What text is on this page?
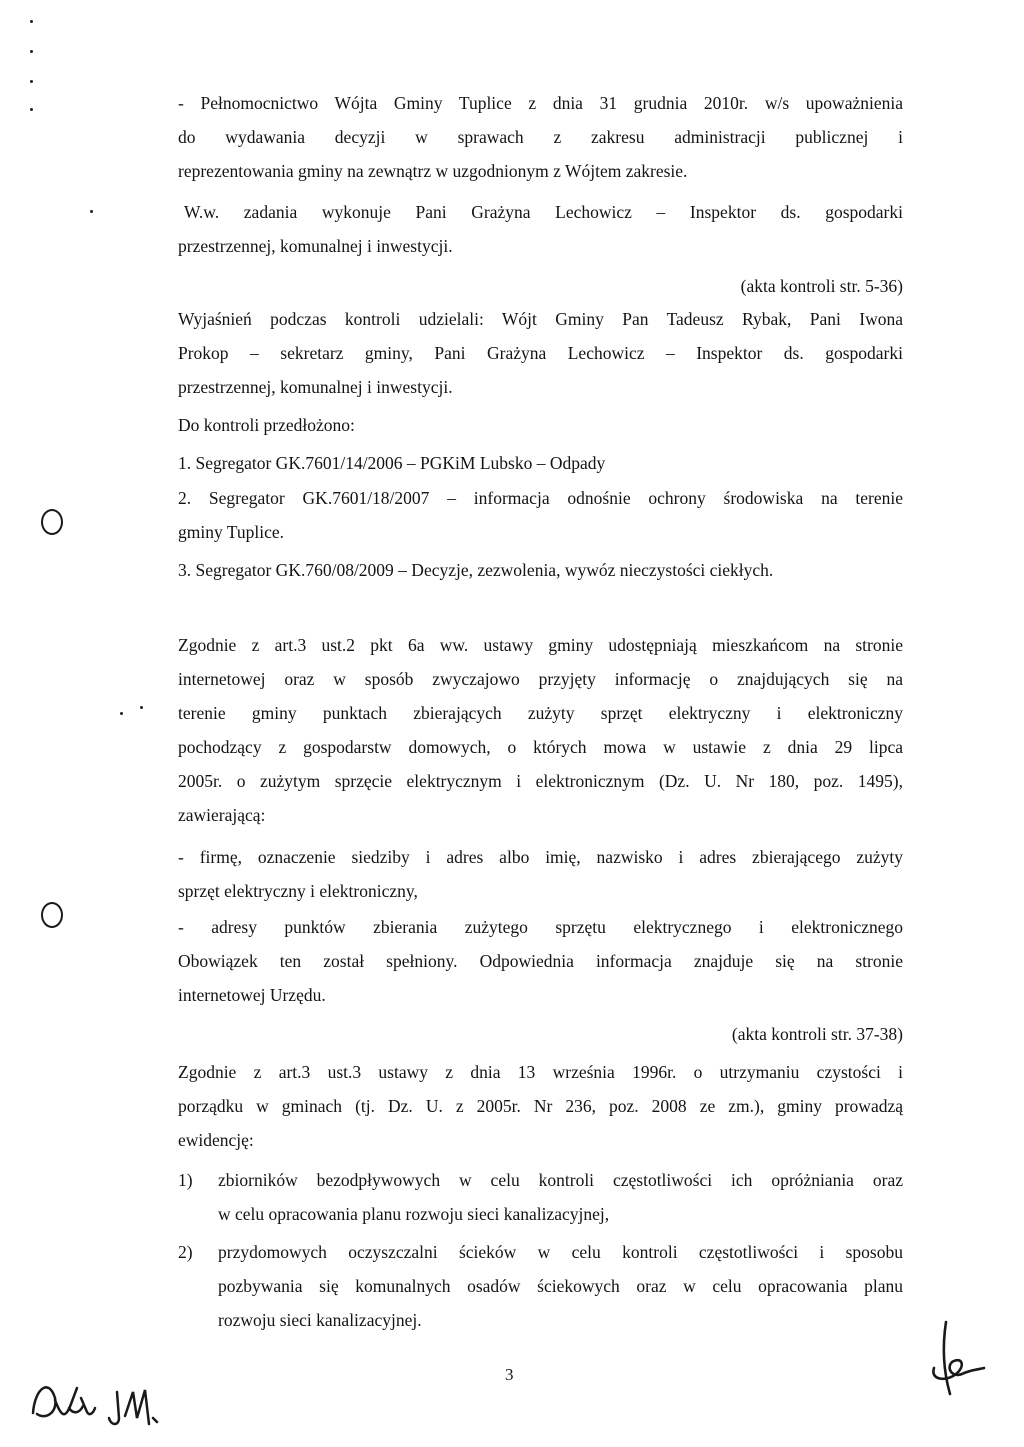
- Pełnomocnictwo Wójta Gminy Tuplice z dnia 31 grudnia 2010r. w/s upoważnienia
do wydawania decyzji w sprawach z zakresu administracji publicznej i
reprezentowania gminy na zewnątrz w uzgodnionym z Wójtem zakresie.
W.w. zadania wykonuje Pani Grażyna Lechowicz – Inspektor ds. gospodarki
przestrzennej, komunalnej i inwestycji.
(akta kontroli str. 5-36)
Wyjaśnień podczas kontroli udzielali: Wójt Gminy Pan Tadeusz Rybak, Pani Iwona
Prokop – sekretarz gminy, Pani Grażyna Lechowicz – Inspektor ds. gospodarki
przestrzennej, komunalnej i inwestycji.
Do kontroli przedłożono:
1. Segregator GK.7601/14/2006 – PGKiM Lubsko – Odpady
2. Segregator GK.7601/18/2007 – informacja odnośnie ochrony środowiska na terenie
gminy Tuplice.
3. Segregator GK.760/08/2009 – Decyzje, zezwolenia, wywóz nieczystości ciekłych.
Zgodnie z art.3 ust.2 pkt 6a ww. ustawy gminy udostępniają mieszkańcom na stronie
internetowej oraz w sposób zwyczajowo przyjęty informację o znajdujących się na
terenie gminy punktach zbierających zużyty sprzęt elektryczny i elektroniczny
pochodzący z gospodarstw domowych, o których mowa w ustawie z dnia 29 lipca
2005r. o zużytym sprzęcie elektrycznym i elektronicznym (Dz. U. Nr 180, poz. 1495),
zawierającą:
- firmę, oznaczenie siedziby i adres albo imię, nazwisko i adres zbierającego zużyty
sprzęt elektryczny i elektroniczny,
- adresy punktów zbierania zużytego sprzętu elektrycznego i elektronicznego
Obowiązek ten został spełniony. Odpowiednia informacja znajduje się na stronie
internetowej Urzędu.
(akta kontroli str. 37-38)
Zgodnie z art.3 ust.3 ustawy z dnia 13 września 1996r. o utrzymaniu czystości i
porządku w gminach (tj. Dz. U. z 2005r. Nr 236, poz. 2008 ze zm.), gminy prowadzą
ewidencję:
1) zbiorników bezodpływowych w celu kontroli częstotliwości ich opróżniania oraz
w celu opracowania planu rozwoju sieci kanalizacyjnej,
2) przydomowych oczyszczalni ścieków w celu kontroli częstotliwości i sposobu
pozbywania się komunalnych osadów ściekowych oraz w celu opracowania planu
rozwoju sieci kanalizacyjnej.
3
